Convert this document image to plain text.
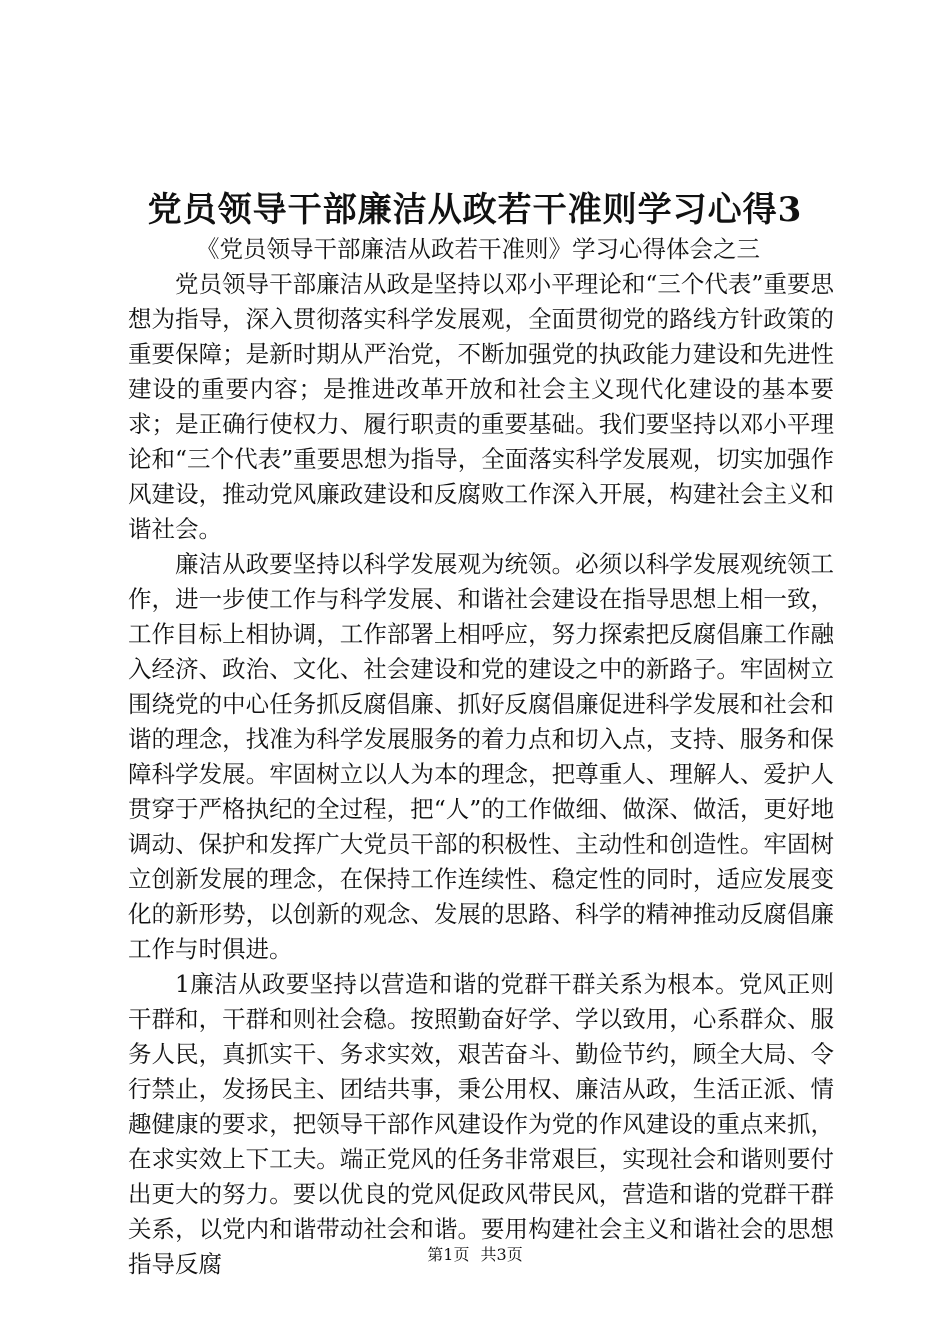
党员领导干部廉洁从政若干准则学习心得3

《党员领导干部廉洁从政若干准则》学习心得体会之三

党员领导干部廉洁从政是坚持以邓小平理论和“三个代表”重要思想为指导，深入贯彻落实科学发展观，全面贯彻党的路线方针政策的重要保障；是新时期从严治党，不断加强党的执政能力建设和先进性建设的重要内容；是推进改革开放和社会主义现代化建设的基本要求；是正确行使权力、履行职责的重要基础。我们要坚持以邓小平理论和“三个代表”重要思想为指导，全面落实科学发展观，切实加强作风建设，推动党风廉政建设和反腐败工作深入开展，构建社会主义和谐社会。

廉洁从政要坚持以科学发展观为统领。必须以科学发展观统领工作，进一步使工作与科学发展、和谐社会建设在指导思想上相一致，工作目标上相协调，工作部署上相呼应，努力探索把反腐倡廉工作融入经济、政治、文化、社会建设和党的建设之中的新路子。牢固树立围绕党的中心任务抓反腐倡廉、抓好反腐倡廉促进科学发展和社会和谐的理念，找准为科学发展服务的着力点和切入点，支持、服务和保障科学发展。牢固树立以人为本的理念，把尊重人、理解人、爱护人贯穿于严格执纪的全过程，把“人”的工作做细、做深、做活，更好地调动、保护和发挥广大党员干部的积极性、主动性和创造性。牢固树立创新发展的理念，在保持工作连续性、稳定性的同时，适应发展变化的新形势，以创新的观念、发展的思路、科学的精神推动反腐倡廉工作与时俱进。

1廉洁从政要坚持以营造和谐的党群干群关系为根本。党风正则干群和，干群和则社会稳。按照勤奋好学、学以致用，心系群众、服务人民，真抓实干、务求实效，艰苦奋斗、勤俭节约，顾全大局、令行禁止，发扬民主、团结共事，秉公用权、廉洁从政，生活正派、情趣健康的要求，把领导干部作风建设作为党的作风建设的重点来抓，在求实效上下工夫。端正党风的任务非常艰巨，实现社会和谐则要付出更大的努力。要以优良的党风促政风带民风，营造和谐的党群干群关系，以党内和谐带动社会和谐。要用构建社会主义和谐社会的思想指导反腐	第1页 共3页
